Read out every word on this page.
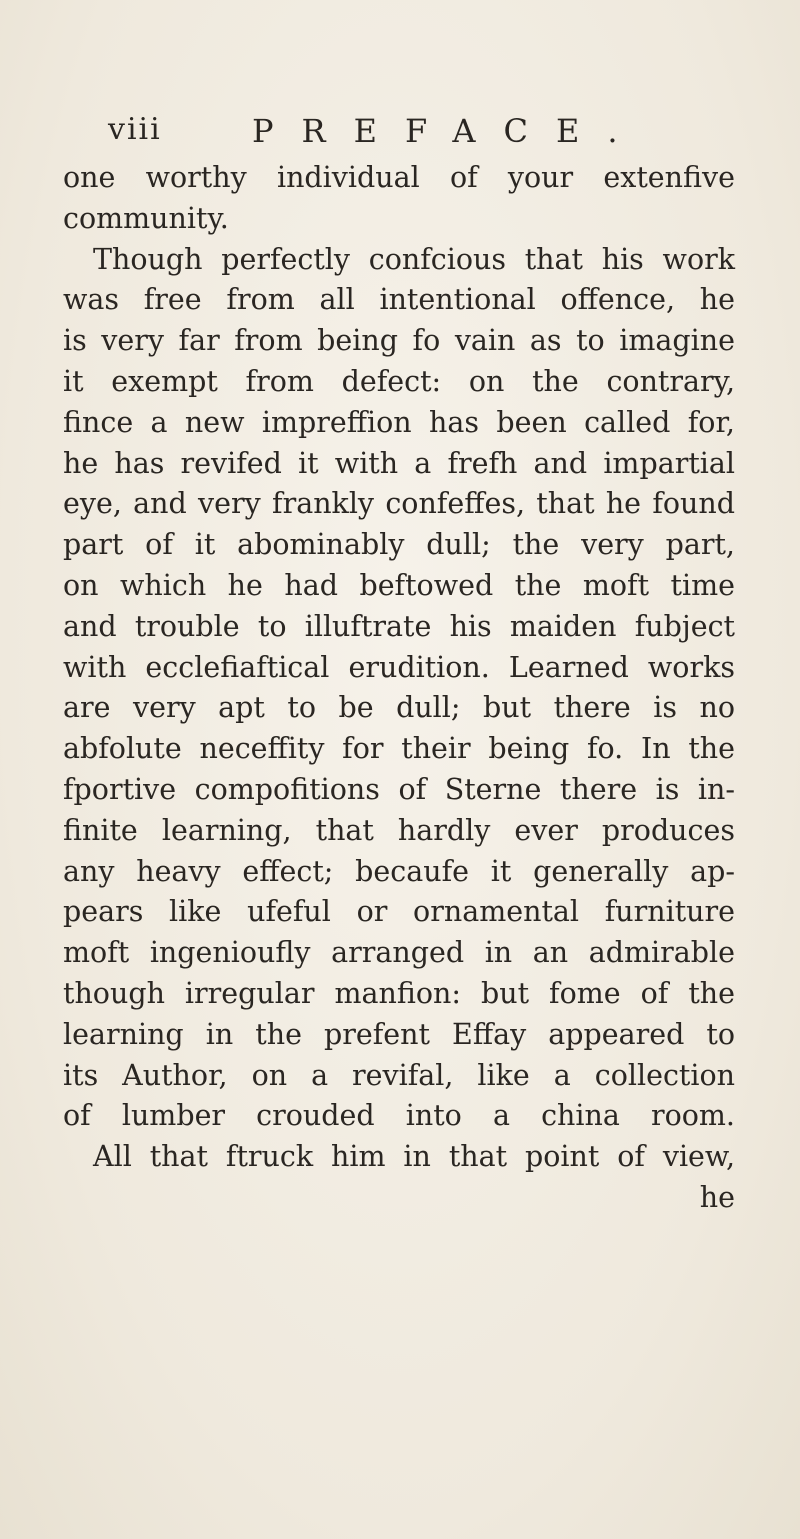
viii	PREFACE.
one worthy individual of your extenfive
community.
Though perfectly confcious that his work
was free from all intentional offence, he
is very far from being fo vain as to imagine
it exempt from defect: on the contrary,
fince a new impreffion has been called for,
he has revifed it with a frefh and impartial
eye, and very frankly confeffes, that he found
part of it abominably dull; the very part,
on which he had beftowed the moft time
and trouble to illuftrate his maiden fubject
with ecclefiaftical erudition. Learned works
are very apt to be dull; but there is no
abfolute neceffity for their being fo. In the
fportive compofitions of Sterne there is in-
finite learning, that hardly ever produces
any heavy effect; becaufe it generally ap-
pears like ufeful or ornamental furniture
moft ingenioufly arranged in an admirable
though irregular manfion: but fome of the
learning in the prefent Effay appeared to
its Author, on a revifal, like a collection
of lumber crouded into a china room.
All that ftruck him in that point of view,
he
